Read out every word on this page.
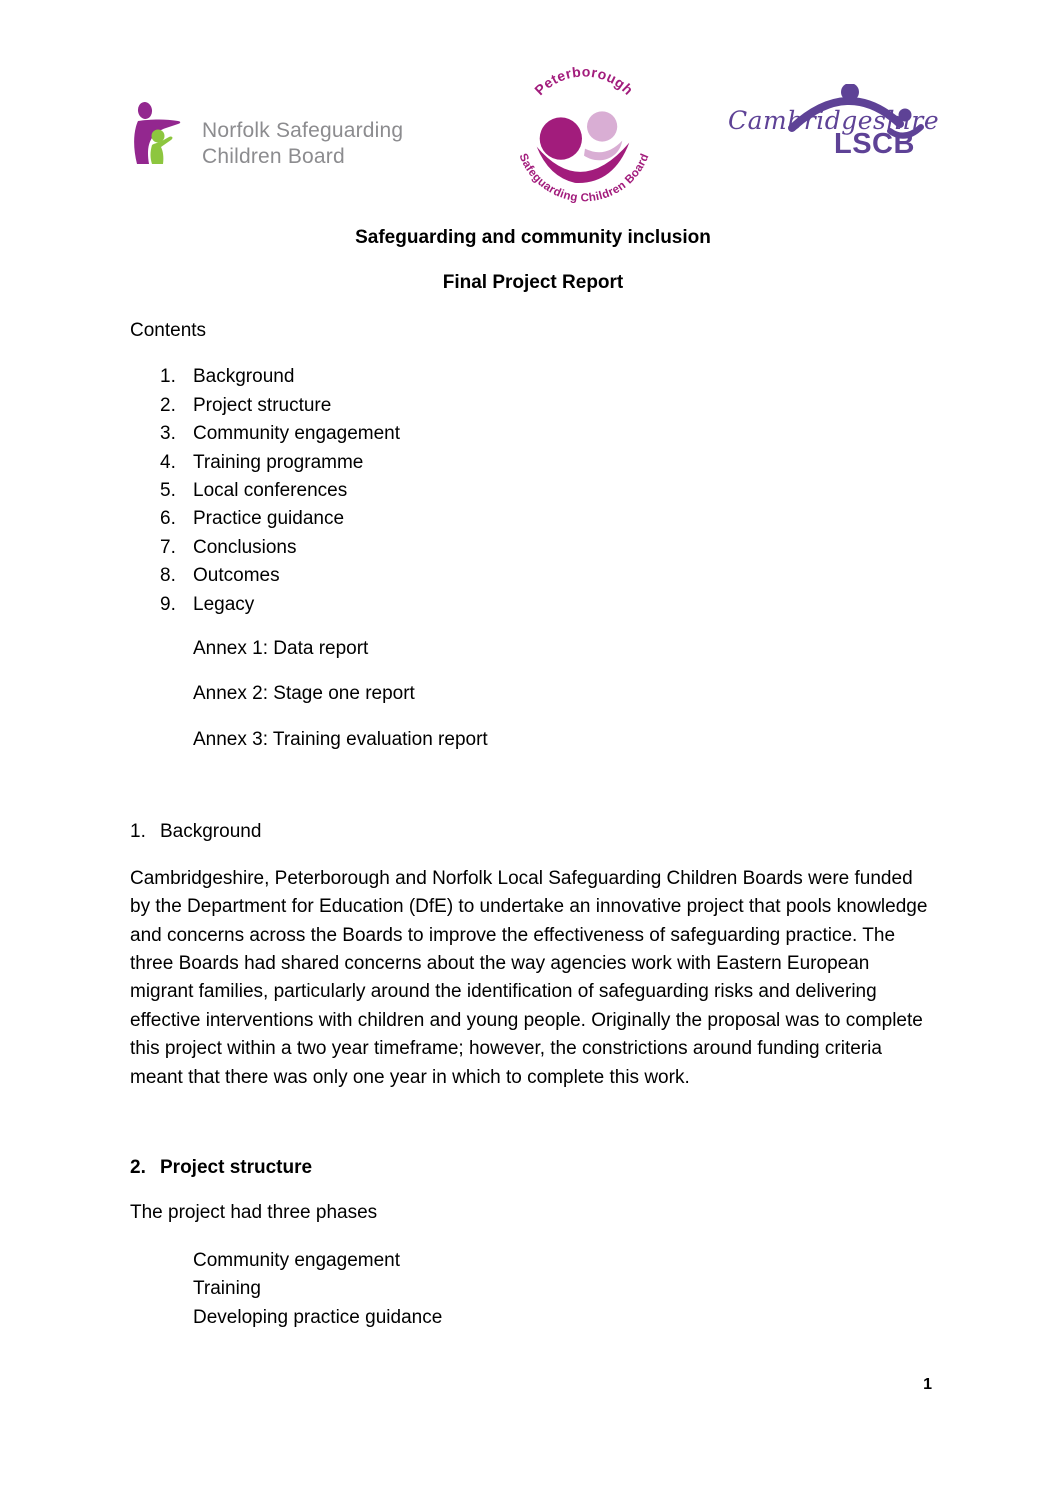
Norfolk Safeguarding
Children Board
Peterborough
Safeguarding Children Board
Cambridgeshire
LSCB
Safeguarding and community inclusion
Final Project Report
Contents
1. Background
2. Project structure
3. Community engagement
4. Training programme
5. Local conferences
6. Practice guidance
7. Conclusions
8. Outcomes
9. Legacy

Annex 1: Data report

Annex 2: Stage one report

Annex 3: Training evaluation report

1. Background

Cambridgeshire, Peterborough and Norfolk Local Safeguarding Children Boards were funded by the Department for Education (DfE) to undertake an innovative project that pools knowledge and concerns across the Boards to improve the effectiveness of safeguarding practice. The three Boards had shared concerns about the way agencies work with Eastern European migrant families, particularly around the identification of safeguarding risks and delivering effective interventions with children and young people. Originally the proposal was to complete this project within a two year timeframe; however, the constrictions around funding criteria meant that there was only one year in which to complete this work.

2. Project structure

The project had three phases

Community engagement
Training
Developing practice guidance
1
